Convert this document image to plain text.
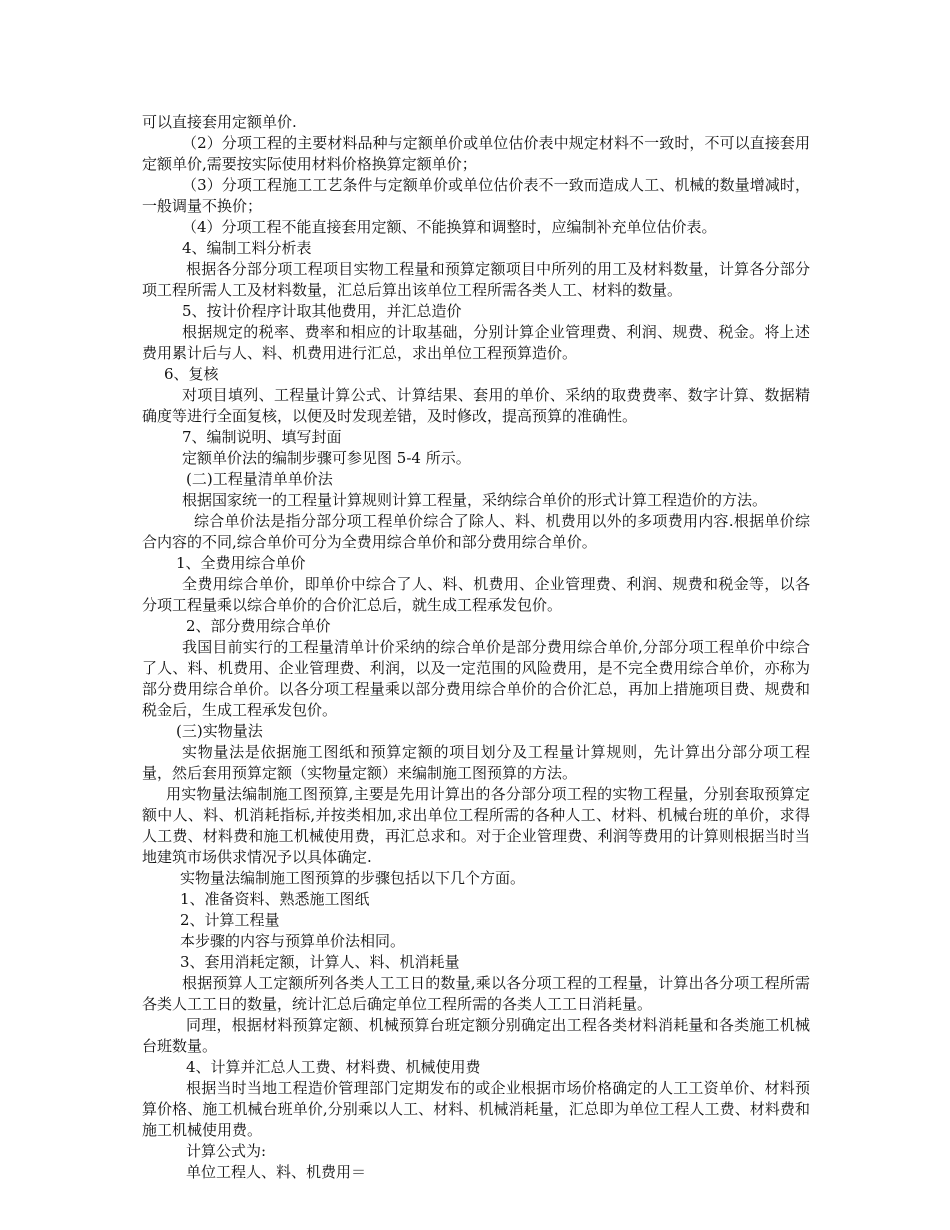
可以直接套用定额单价.

（2）分项工程的主要材料品种与定额单价或单位估价表中规定材料不一致时，不可以直接套用定额单价,需要按实际使用材料价格换算定额单价；

（3）分项工程施工工艺条件与定额单价或单位估价表不一致而造成人工、机械的数量增减时，一般调量不换价；

（4）分项工程不能直接套用定额、不能换算和调整时，应编制补充单位估价表。

4、编制工料分析表

根据各分部分项工程项目实物工程量和预算定额项目中所列的用工及材料数量，计算各分部分项工程所需人工及材料数量，汇总后算出该单位工程所需各类人工、材料的数量。

5、按计价程序计取其他费用，并汇总造价

根据规定的税率、费率和相应的计取基础，分别计算企业管理费、利润、规费、税金。将上述费用累计后与人、料、机费用进行汇总，求出单位工程预算造价。

6、复核

对项目填列、工程量计算公式、计算结果、套用的单价、采纳的取费费率、数字计算、数据精确度等进行全面复核，以便及时发现差错，及时修改，提高预算的准确性。

7、编制说明、填写封面

定额单价法的编制步骤可参见图 5-4 所示。

(二)工程量清单单价法

根据国家统一的工程量计算规则计算工程量，采纳综合单价的形式计算工程造价的方法。

综合单价法是指分部分项工程单价综合了除人、料、机费用以外的多项费用内容.根据单价综合内容的不同,综合单价可分为全费用综合单价和部分费用综合单价。

1、全费用综合单价

全费用综合单价，即单价中综合了人、料、机费用、企业管理费、利润、规费和税金等，以各分项工程量乘以综合单价的合价汇总后，就生成工程承发包价。

2、部分费用综合单价

我国目前实行的工程量清单计价采纳的综合单价是部分费用综合单价,分部分项工程单价中综合了人、料、机费用、企业管理费、利润，以及一定范围的风险费用，是不完全费用综合单价，亦称为部分费用综合单价。以各分项工程量乘以部分费用综合单价的合价汇总，再加上措施项目费、规费和税金后，生成工程承发包价。

(三)实物量法

实物量法是依据施工图纸和预算定额的项目划分及工程量计算规则，先计算出分部分项工程量，然后套用预算定额（实物量定额）来编制施工图预算的方法。

用实物量法编制施工图预算,主要是先用计算出的各分部分项工程的实物工程量，分别套取预算定额中人、料、机消耗指标,并按类相加,求出单位工程所需的各种人工、材料、机械台班的单价，求得人工费、材料费和施工机械使用费，再汇总求和。对于企业管理费、利润等费用的计算则根据当时当地建筑市场供求情况予以具体确定.

实物量法编制施工图预算的步骤包括以下几个方面。

1、准备资料、熟悉施工图纸

2、计算工程量

本步骤的内容与预算单价法相同。

3、套用消耗定额，计算人、料、机消耗量

根据预算人工定额所列各类人工工日的数量,乘以各分项工程的工程量，计算出各分项工程所需各类人工工日的数量，统计汇总后确定单位工程所需的各类人工工日消耗量。

同理，根据材料预算定额、机械预算台班定额分别确定出工程各类材料消耗量和各类施工机械台班数量。

4、计算并汇总人工费、材料费、机械使用费

根据当时当地工程造价管理部门定期发布的或企业根据市场价格确定的人工工资单价、材料预算价格、施工机械台班单价,分别乘以人工、材料、机械消耗量，汇总即为单位工程人工费、材料费和施工机械使用费。

计算公式为:

单位工程人、料、机费用＝
